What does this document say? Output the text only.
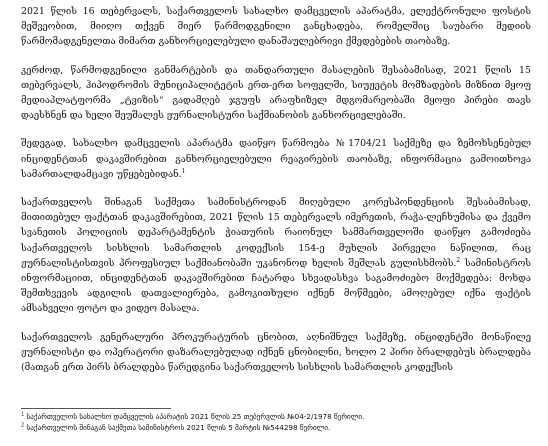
2021 წლის 16 თებერვალს, საქართველოს სახალხო დამცველის აპარატმა, ელექტრონული ფოსტის მეშვეობით, მიიღო თქვენ მიერ წარმოდგენილი განცხადება, რომელშიც საუბარი მედიის წარმომადგენელთა მიმართ განხორციელებული დანაშაულებრივი ქმედებების თაობაზე.

კერძოდ, წარმოდგენილი განმარტების და თანდართული მასალების შესაბამისად, 2021 წლის 15 თებერვალს, ჰიპოდრომის მუნიციპალიტეტის ერთ-ერთ სოფელში, სიუჟეტის მომზადების მიზნით მყოფ მედიაპლატფორმა „ტვიზის“ გადამღებ ჯგუფს არაფხიზელ მდგომარეობაში მყოფი პირები თავს დაესხნენ და ხელი შეუშალეს ჟურნალისტური საქმიანობის განხორციელებაში.

შედეგად, სახალხო დამცველის აპარატმა დაიწყო წარმოება №1704/21 საქმეზე და ზემოხსენებულ ინციდენტთან დაკავშირებით განხორციელებული რეაგირების თაობაზე, ინფორმაცია გამოითხოვა სამართალდამცავი უწყებებიდან.$^1$

საქართველოს შინაგან საქმეთა სამინისტროდან მიღებული კორესპონდენციის შესაბამისად, მითითებულ ფაქტთან დაკავშირებით, 2021 წლის 15 თებერვალს იმერეთის, რაჭა-ლეჩხუმისა და ქვემო სვანეთის პოლიციის დეპარტამენტის ჭიათურის რაიონულ სამმართველოში დაიწყო გამოძიება საქართველოს სისხლის სამართლის კოდექსის 154-ე მუხლის პირველი ნაწილით, რაც ჟურნალისტისთვის პროფესიულ საქმიანობაში უკანონოდ ხელის შეშლას გულისხმობს.$^2$ სამინისტროს ინფორმაციით, ინციდენტთან დაკავშირებით ჩატარდა სხვადასხვა საგამოძიებო მოქმედება: მოხდა შემთხვევის ადგილის დათვალიერება, გამოკითხული იქნენ მოწმეები, ამოღებულ იქნა ფაქტის ამსახველი ფოტო და ვიდეო მასალა.

საქართველოს გენერალური პროკურატურის ცნობით, აღნიშნულ საქმეზე, ინციდენტში მონაწილე ჟურნალისტი და ოპერატორი დაზარალებულად იქნენ ცნობილნი, ხოლო 2 პირი ბრალდებუს ბრალდება (მათგან ერთ პირს ბრალდება წარედგინა საქართველოს სისხლის სამართლის კოდექსის

$^1$ საქართველოს სახალხო დამცველის აპარატის 2021 წლის 25 თებერვლის №04-2/1978 წერილი.

$^2$ საქართველოს შინაგან საქმეთა სამინისტროს 2021 წლის 5 მარტის №544298 წერილი.
